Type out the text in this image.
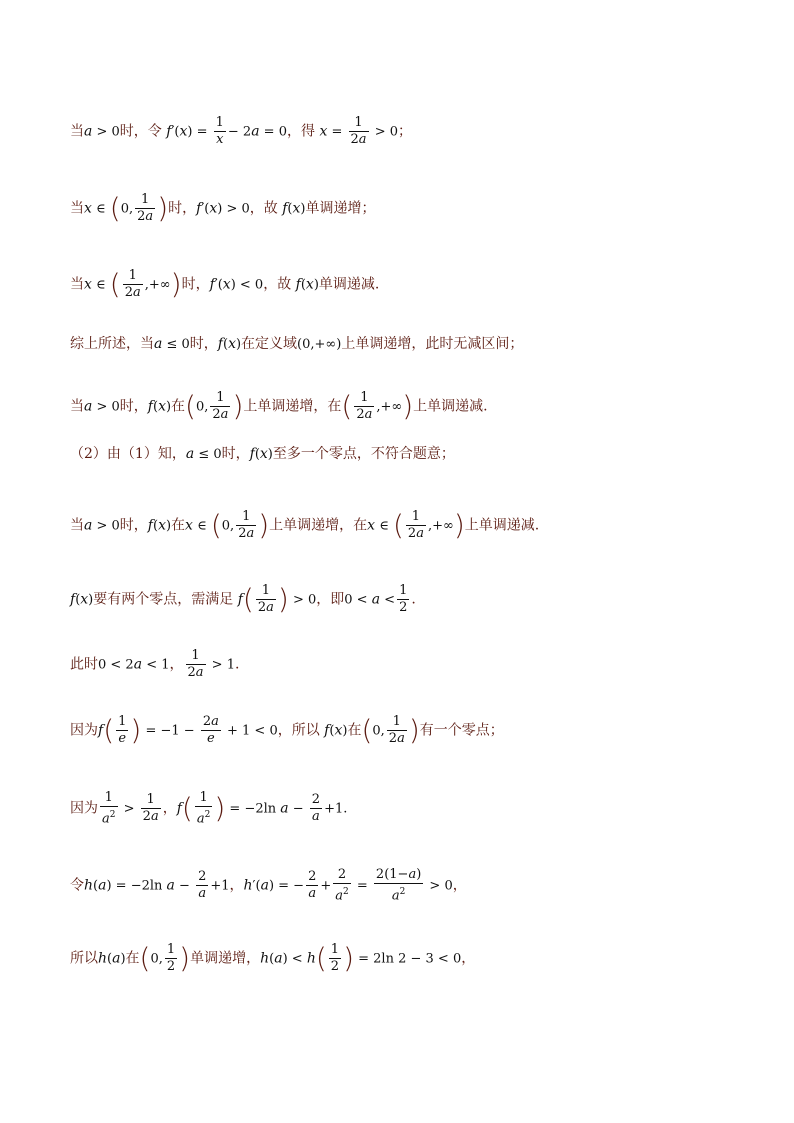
当a > 0时，令 $f'(x) = \frac{1}{x} - 2a = 0$，得 $x = \frac{1}{2a} > 0$；
当x ∈ (0, $\frac{1}{2a}$ )时，f′(x) > 0，故 f(x)单调递增；
当x ∈ ( $\frac{1}{2a}$ ,+∞)时，f′(x) < 0，故 f(x)单调递减.
综上所述，当a ≤ 0时，f(x)在定义域(0,+∞)上单调递增，此时无减区间；
当a > 0时，f(x)在(0, $\frac{1}{2a}$ )上单调递增，在( $\frac{1}{2a}$ ,+∞)上单调递减.
（2）由（1）知，a ≤ 0时，f(x)至多一个零点，不符合题意；
当a > 0时，f(x)在x ∈ (0, $\frac{1}{2a}$ )上单调递增，在x ∈ ( $\frac{1}{2a}$ ,+∞)上单调递减.
f(x)要有两个零点，需满足 $f( \frac{1}{2a}$ ) > 0，即$0 < a < \frac{1}{2}$ .
此时0 < 2a < 1， $\frac{1}{2a} > 1$.
因为$f( \frac{1}{e}$ ) = $-1 - \frac{2a}{e} + 1 < 0$，所以 f(x)在(0, $\frac{1}{2a}$ )有一个零点；
因为 $\frac{1}{a^2} > \frac{1}{2a}$ ，$f( \frac{1}{a^2}$ ) = −2ln $a - \frac{2}{a} +1$.
令h(a) = −2ln $a - \frac{2}{a} +1$，h′(a) = − $\frac{2}{a} + \frac{2}{a^2} = \frac{2(1-a)}{a^2} > 0$，
所以h(a)在(0, $\frac{1}{2}$ )单调递增，$h(a) < h( \frac{1}{2}$ ) = 2ln 2 − 3 < 0，
